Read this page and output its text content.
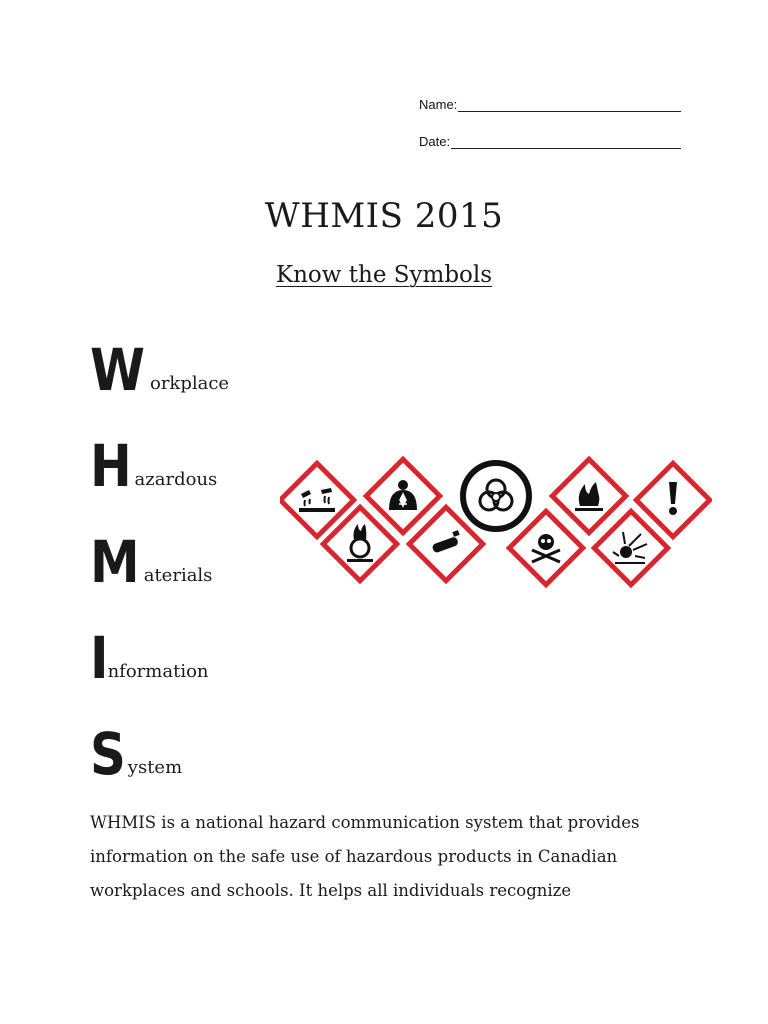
Name:
Date:
WHMIS 2015
Know the Symbols
W orkplace
H azardous
M aterials
I nformation
S ystem

WHMIS is a national hazard communication system that provides

information on the safe use of hazardous products in Canadian

workplaces and schools. It helps all individuals recognize
